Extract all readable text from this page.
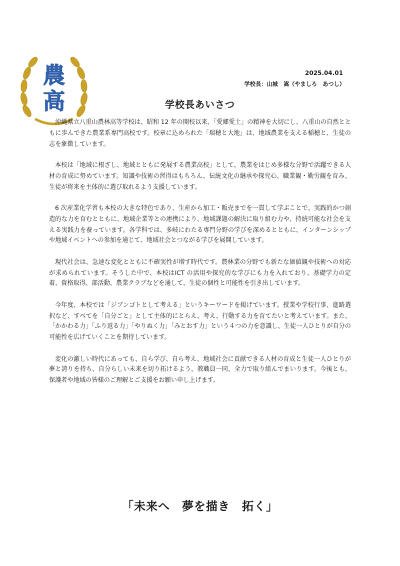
農
高
2025.04.01
学校長：山城　嵩（やましろ　あつし）
学校長あいさつ

沖縄県立八重山農林高等学校は、昭和 12 年の開校以来、「愛郷愛土」の精神を大切にし、八重山の自然とともに歩んできた農業系専門高校です。校章に込められた「瑞穂と大地」は、地域農業を支える稲穂と、生徒の志を象徴しています。

本校は「地域に根ざし、地域とともに発展する農業高校」として、農業をはじめ多様な分野で活躍できる人材の育成に努めています。知識や技術の習得はもちろん、伝統文化の継承や探究心、職業観・勤労観を育み、生徒が将来を主体的に選び取れるよう支援しています。

6 次産業化学習も本校の大きな特色であり、生産から加工・販売までを一貫して学ぶことで、実践的かつ創造的な力を育むとともに、地域企業等との連携により、地域課題の解決に取り組む力や、持続可能な社会を支える実践力を養っています。各学科では、多岐にわたる専門分野の学びを深めるとともに、インターンシップや地域イベントへの参加を通じて、地域社会とつながる学びを展開しています。

現代社会は、急速な変化とともに不確実性が増す時代です。農林業の分野でも新たな価値観や技術への対応が求められています。そうした中で、本校はICT の活用や探究的な学びにも力を入れており、基礎学力の定着、資格取得、部活動、農業クラブなどを通して、生徒の個性と可能性を引き出しています。

今年度、本校では「ジブンゴトとして考える」というキーワードを掲げています。授業や学校行事、進路選択など、すべてを「自分ごと」として主体的にとらえ、考え、行動する力を育てたいと考えています。また、「かかわる力」「ふり返る力」「やりぬく力」「みとおす力」という４つの力を意識し、生徒一人ひとりが自分の可能性を広げていくことを期待しています。

変化の激しい時代にあっても、自ら学び、自ら考え、地域社会に貢献できる人材の育成と生徒一人ひとりが夢と誇りを持ち、自分らしい未来を切り拓けるよう、教職員一同、全力で取り組んでまいります。今後とも、保護者や地域の皆様のご理解とご支援をお願い申し上げます。

「未来へ　夢を描き　拓く」
